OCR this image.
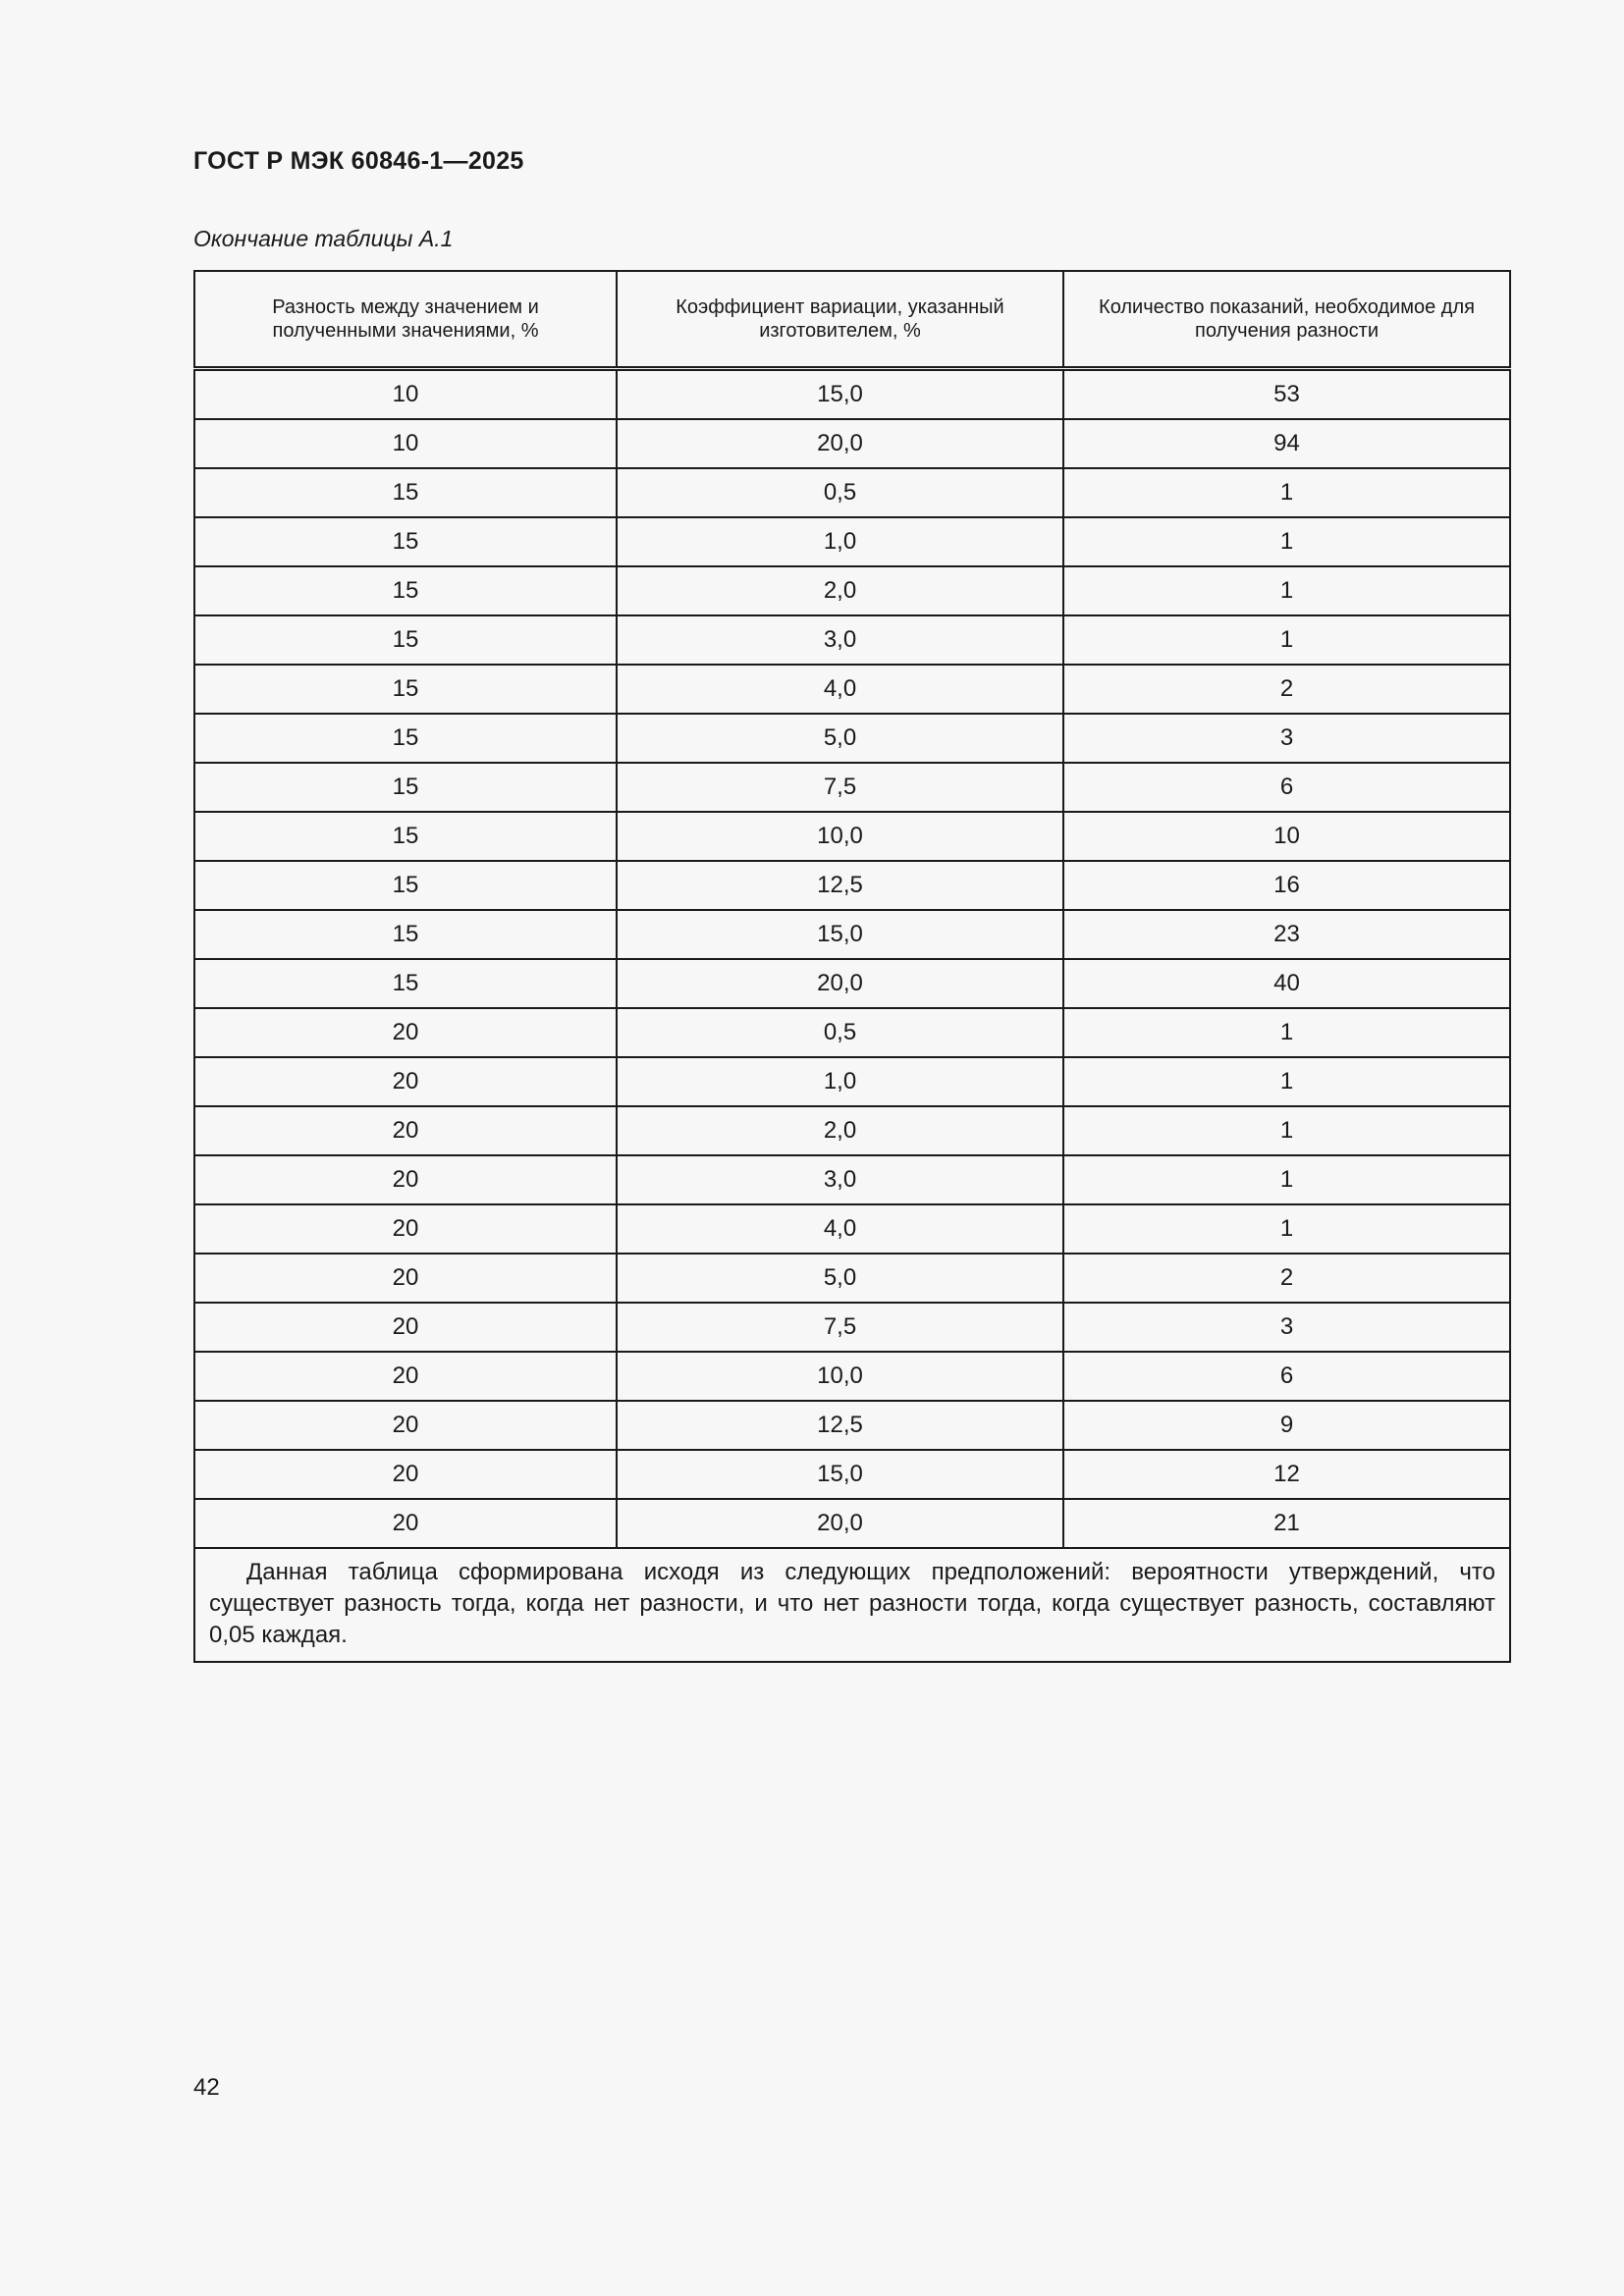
ГОСТ Р МЭК 60846-1—2025
Окончание таблицы А.1
Разность между значением и полученными значениями, %	Коэффициент вариации, указанный изготовителем, %	Количество показаний, необходимое для получения разности
10	15,0	53
10	20,0	94
15	0,5	1
15	1,0	1
15	2,0	1
15	3,0	1
15	4,0	2
15	5,0	3
15	7,5	6
15	10,0	10
15	12,5	16
15	15,0	23
15	20,0	40
20	0,5	1
20	1,0	1
20	2,0	1
20	3,0	1
20	4,0	1
20	5,0	2
20	7,5	3
20	10,0	6
20	12,5	9
20	15,0	12
20	20,0	21
Данная таблица сформирована исходя из следующих предположений: вероятности утверждений, что существует разность тогда, когда нет разности, и что нет разности тогда, когда существует разность, составляют 0,05 каждая.		
42
